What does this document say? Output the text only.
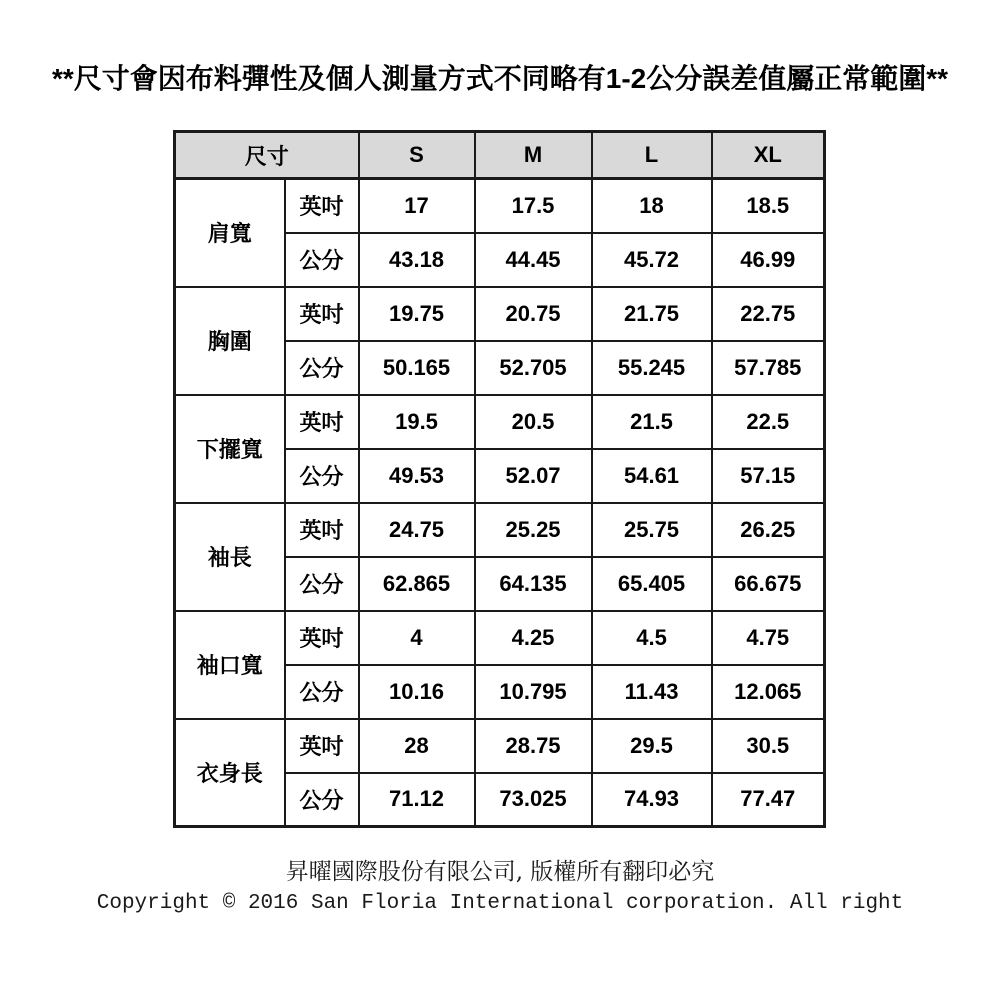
**尺寸會因布料彈性及個人測量方式不同略有1-2公分誤差值屬正常範圍**
尺寸		S	M	L	XL
肩寬	英吋	17	17.5	18	18.5
	公分	43.18	44.45	45.72	46.99
胸圍	英吋	19.75	20.75	21.75	22.75
	公分	50.165	52.705	55.245	57.785
下擺寬	英吋	19.5	20.5	21.5	22.5
	公分	49.53	52.07	54.61	57.15
袖長	英吋	24.75	25.25	25.75	26.25
	公分	62.865	64.135	65.405	66.675
袖口寬	英吋	4	4.25	4.5	4.75
	公分	10.16	10.795	11.43	12.065
衣身長	英吋	28	28.75	29.5	30.5
	公分	71.12	73.025	74.93	77.47
昇曜國際股份有限公司, 版權所有翻印必究
Copyright © 2016 San Floria International corporation. All right
